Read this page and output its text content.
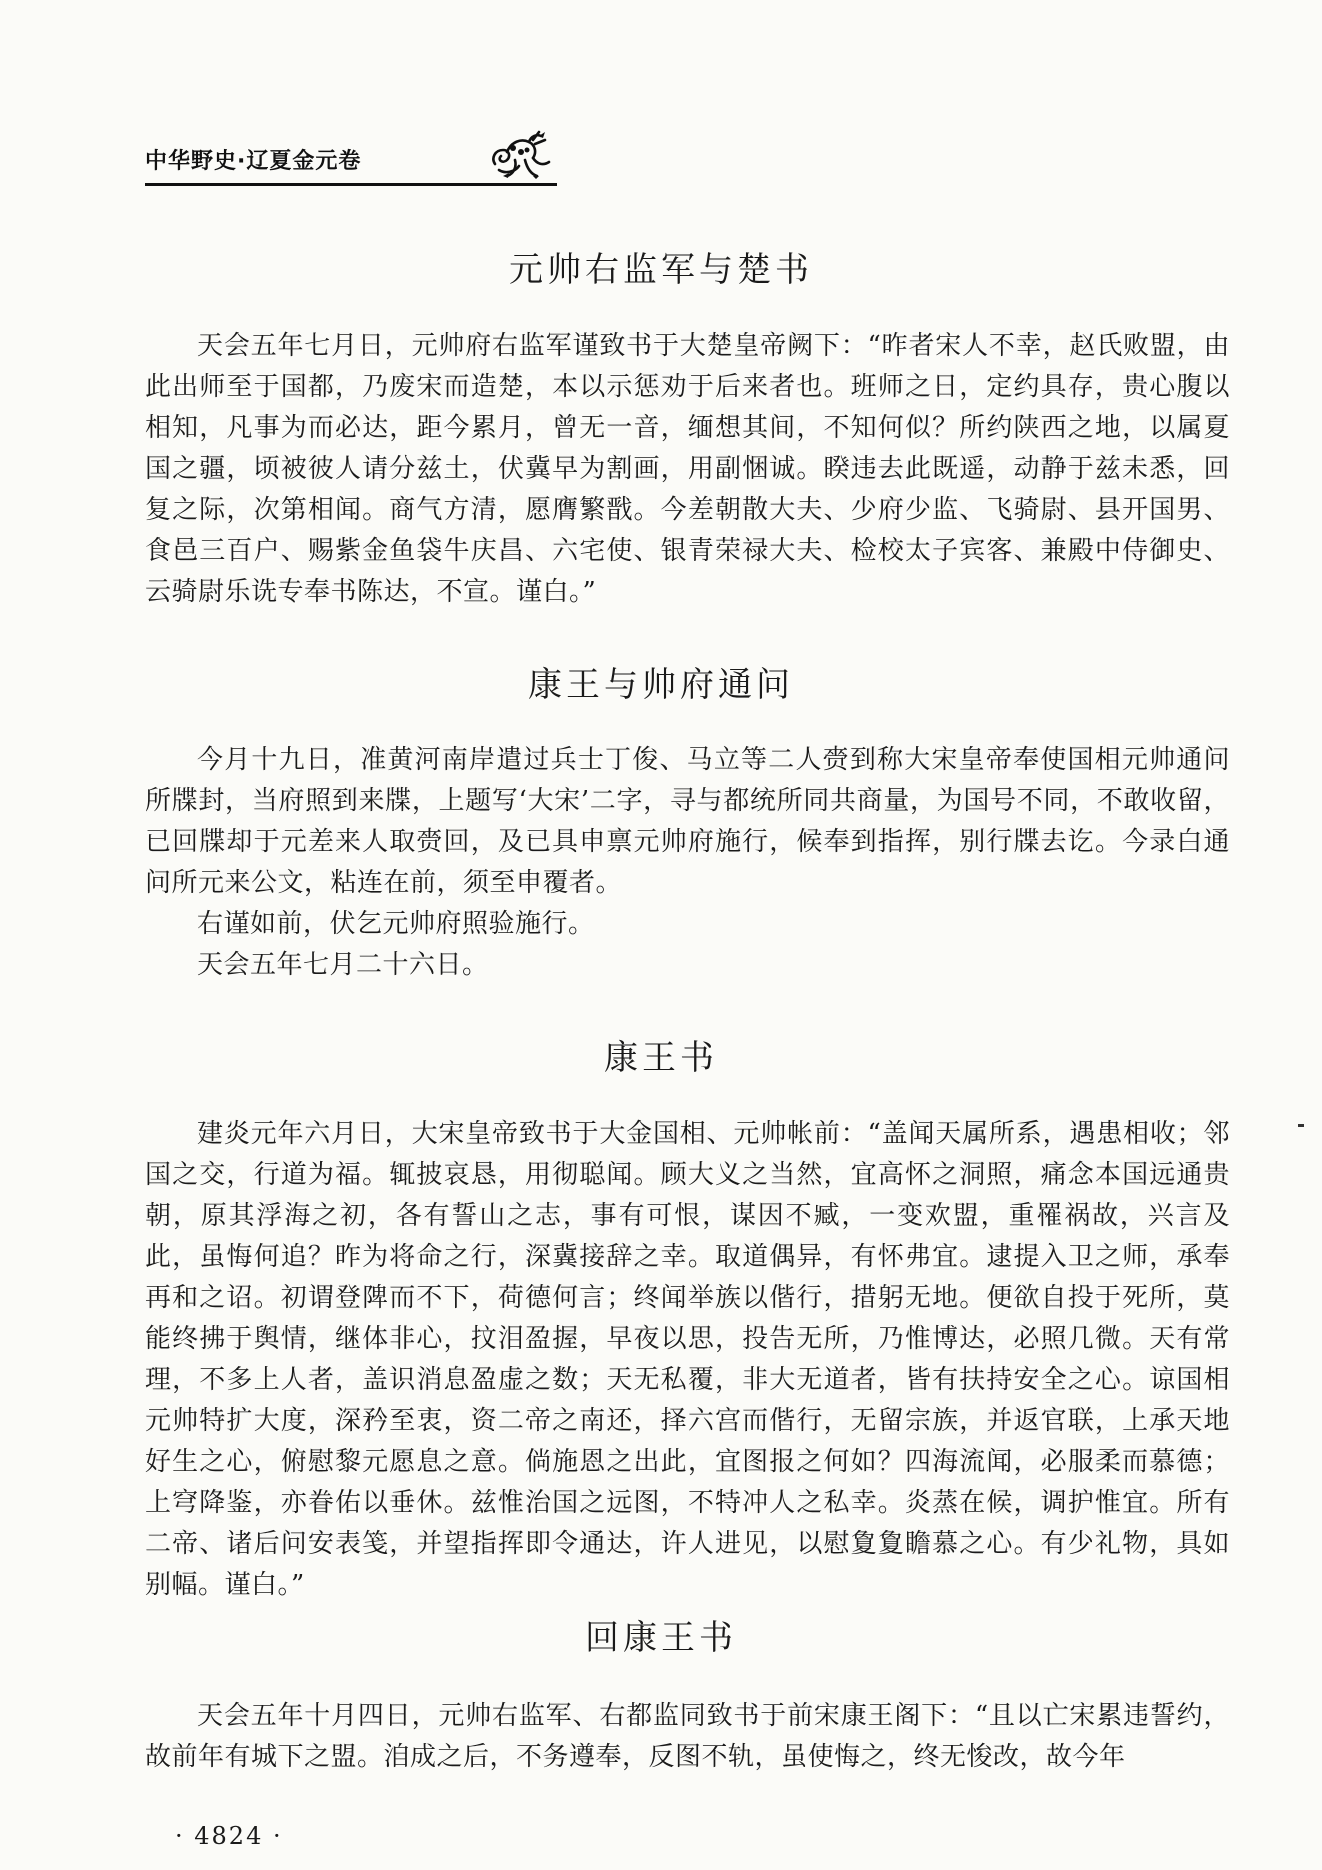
中华野史·辽夏金元卷
元帅右监军与楚书

天会五年七月日，元帅府右监军谨致书于大楚皇帝阙下：“昨者宋人不幸，赵氏败盟，由此出师至于国都，乃废宋而造楚，本以示惩劝于后来者也。班师之日，定约具存，贵心腹以相知，凡事为而必达，距今累月，曾无一音，缅想其间，不知何似？所约陕西之地，以属夏国之疆，顷被彼人请分兹土，伏冀早为割画，用副悃诚。睽违去此既遥，动静于兹未悉，回复之际，次第相闻。商气方清，愿膺繁戬。今差朝散大夫、少府少监、飞骑尉、县开国男、食邑三百户、赐紫金鱼袋牛庆昌、六宅使、银青荣禄大夫、检校太子宾客、兼殿中侍御史、云骑尉乐诜专奉书陈达，不宣。谨白。”

康王与帅府通问

今月十九日，准黄河南岸遣过兵士丁俊、马立等二人赍到称大宋皇帝奉使国相元帅通问所牒封，当府照到来牒，上题写‘大宋’二字，寻与都统所同共商量，为国号不同，不敢收留，已回牒却于元差来人取赍回，及已具申禀元帅府施行，候奉到指挥，别行牒去讫。今录白通问所元来公文，粘连在前，须至申覆者。

右谨如前，伏乞元帅府照验施行。
天会五年七月二十六日。
康王书

建炎元年六月日，大宋皇帝致书于大金国相、元帅帐前：“盖闻天属所系，遇患相收；邻国之交，行道为福。辄披哀恳，用彻聪闻。顾大义之当然，宜高怀之洞照，痛念本国远通贵朝，原其浮海之初，各有誓山之志，事有可恨，谋因不臧，一变欢盟，重罹祸故，兴言及此，虽悔何追？昨为将命之行，深冀接辞之幸。取道偶异，有怀弗宜。逮提入卫之师，承奉再和之诏。初谓登陴而不下，荷德何言；终闻举族以偕行，措躬无地。便欲自投于死所，莫能终拂于舆情，继体非心，抆泪盈握，早夜以思，投告无所，乃惟博达，必照几微。天有常理，不多上人者，盖识消息盈虚之数；天无私覆，非大无道者，皆有扶持安全之心。谅国相元帅特扩大度，深矜至衷，资二帝之南还，择六宫而偕行，无留宗族，并返官联，上承天地好生之心，俯慰黎元愿息之意。倘施恩之出此，宜图报之何如？四海流闻，必服柔而慕德；上穹降鉴，亦眷佑以垂休。兹惟治国之远图，不特冲人之私幸。炎蒸在候，调护惟宜。所有二帝、诸后问安表笺，并望指挥即令通达，许人进见，以慰夐夐瞻慕之心。有少礼物，具如别幅。谨白。”

回康王书

天会五年十月四日，元帅右监军、右都监同致书于前宋康王阁下：“且以亡宋累违誓约，故前年有城下之盟。洎成之后，不务遵奉，反图不轨，虽使悔之，终无悛改，故今年

· 4824 ·
